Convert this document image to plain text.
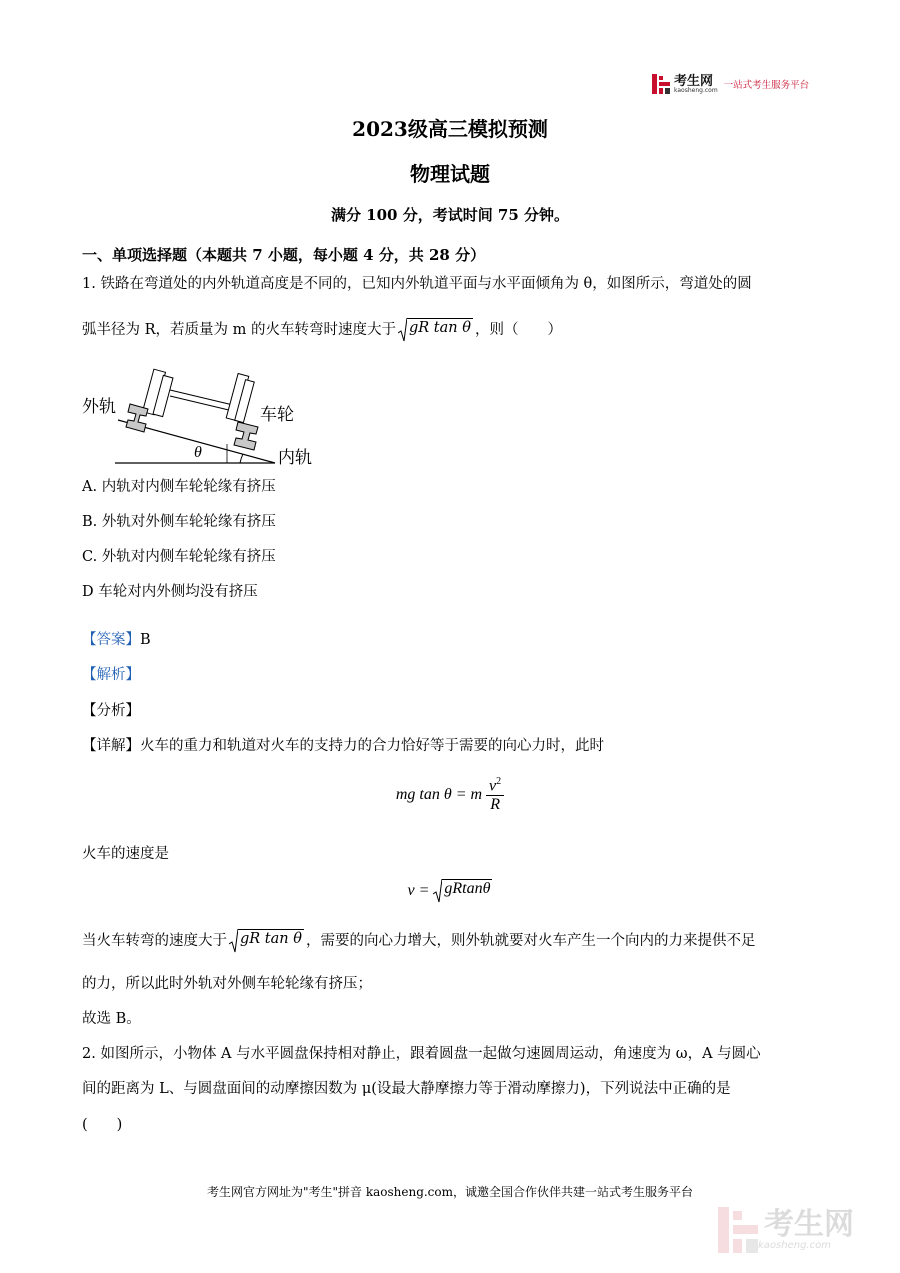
考生网
kaosheng.com 一站式考生服务平台
2023级高三模拟预测
物理试题
满分 100 分，考试时间 75 分钟。
一、单项选择题（本题共 7 小题，每小题 4 分，共 28 分）
1. 铁路在弯道处的内外轨道高度是不同的，已知内外轨道平面与水平面倾角为 θ，如图所示，弯道处的圆
弧半径为 R，若质量为 m 的火车转弯时速度大于 gR tan θ ，则（　　）
外轨	车轮
内轨
θ
A. 内轨对内侧车轮轮缘有挤压
B. 外轨对外侧车轮轮缘有挤压
C. 外轨对内侧车轮轮缘有挤压
D 车轮对内外侧均没有挤压
【答案】B
【解析】
【分析】
【详解】火车的重力和轨道对火车的支持力的合力恰好等于需要的向心力时，此时
mg tan θ = m $\frac{v^2}{R}$
火车的速度是
v = gRtanθ
当火车转弯的速度大于 gR tan θ ，需要的向心力增大，则外轨就要对火车产生一个向内的力来提供不足
的力，所以此时外轨对外侧车轮轮缘有挤压；
故选 B。
2. 如图所示，小物体 A 与水平圆盘保持相对静止，跟着圆盘一起做匀速圆周运动，角速度为 ω，A 与圆心
间的距离为 L、与圆盘面间的动摩擦因数为 μ(设最大静摩擦力等于滑动摩擦力)，下列说法中正确的是
(　　)
考生网官方网址为"考生"拼音 kaosheng.com，诚邀全国合作伙伴共建一站式考生服务平台
考生网
kaosheng.com
